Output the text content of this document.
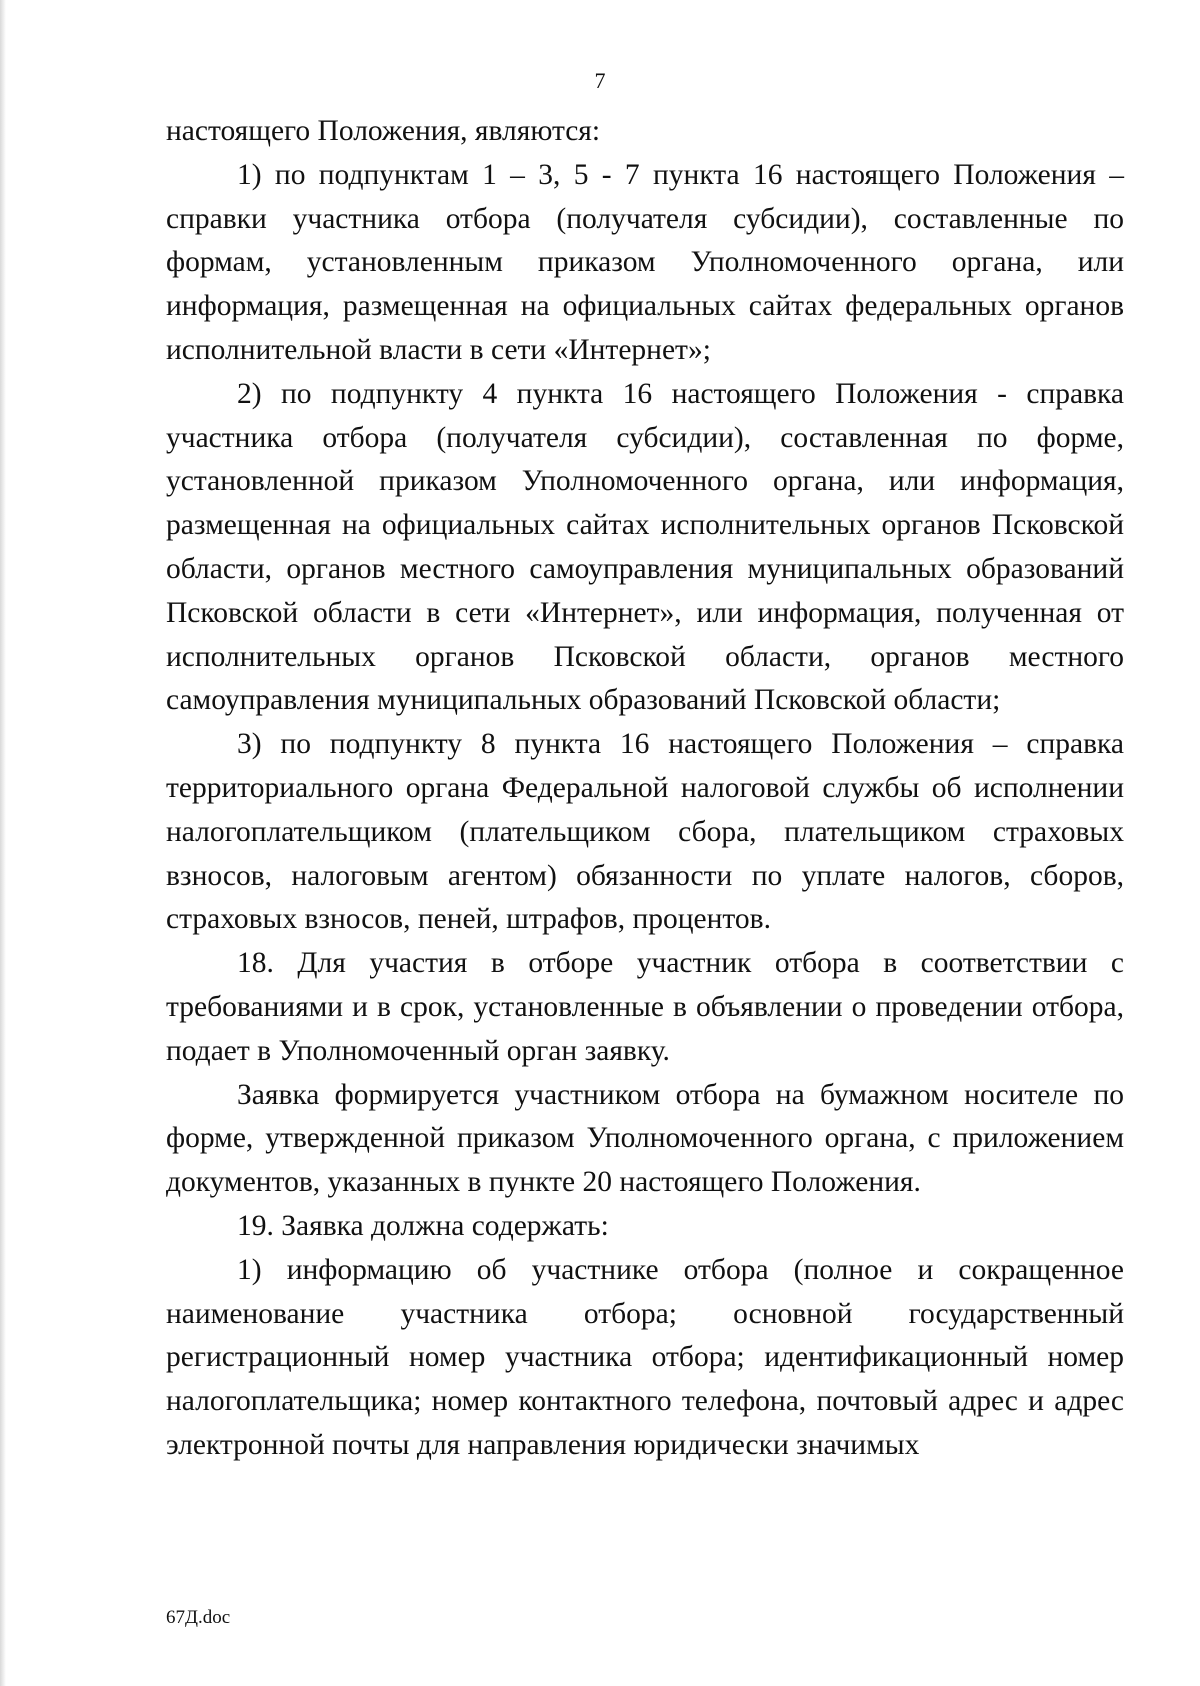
7

настоящего Положения, являются:

1) по подпунктам 1 – 3, 5 - 7 пункта 16 настоящего Положения – справки участника отбора (получателя субсидии), составленные по формам, установленным приказом Уполномоченного органа, или информация, размещенная на официальных сайтах федеральных органов исполнительной власти в сети «Интернет»;

2) по подпункту 4 пункта 16 настоящего Положения - справка участника отбора (получателя субсидии), составленная по форме, установленной приказом Уполномоченного органа, или информация, размещенная на официальных сайтах исполнительных органов Псковской области, органов местного самоуправления муниципальных образований Псковской области в сети «Интернет», или информация, полученная от исполнительных органов Псковской области, органов местного самоуправления муниципальных образований Псковской области;

3) по подпункту 8 пункта 16 настоящего Положения – справка территориального органа Федеральной налоговой службы об исполнении налогоплательщиком (плательщиком сбора, плательщиком страховых взносов, налоговым агентом) обязанности по уплате налогов, сборов, страховых взносов, пеней, штрафов, процентов.

18. Для участия в отборе участник отбора в соответствии с требованиями и в срок, установленные в объявлении о проведении отбора, подает в Уполномоченный орган заявку.

Заявка формируется участником отбора на бумажном носителе по форме, утвержденной приказом Уполномоченного органа, с приложением документов, указанных в пункте 20 настоящего Положения.

19. Заявка должна содержать:

1) информацию об участнике отбора (полное и сокращенное наименование участника отбора; основной государственный регистрационный номер участника отбора; идентификационный номер налогоплательщика; номер контактного телефона, почтовый адрес и адрес электронной почты для направления юридически значимых

67Д.doc
